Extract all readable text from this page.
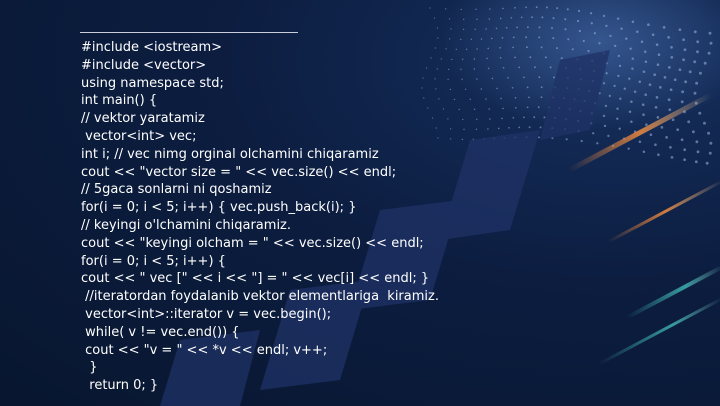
#include <iostream>
#include <vector>
using namespace std;
int main() {
// vektor yaratamiz
vector<int> vec;
int i; // vec nimg orginal olchamini chiqaramiz
cout << "vector size = " << vec.size() << endl;
// 5gaca sonlarni ni qoshamiz
for(i = 0; i < 5; i++) { vec.push_back(i); }
// keyingi o'lchamini chiqaramiz.
cout << "keyingi olcham = " << vec.size() << endl;
for(i = 0; i < 5; i++) {
cout << " vec [" << i << "] = " << vec[i] << endl; }
//iteratordan foydalanib vektor elementlariga  kiramiz.
vector<int>::iterator v = vec.begin();
while( v != vec.end()) {
cout << "v = " << *v << endl; v++;
}
return 0; }
